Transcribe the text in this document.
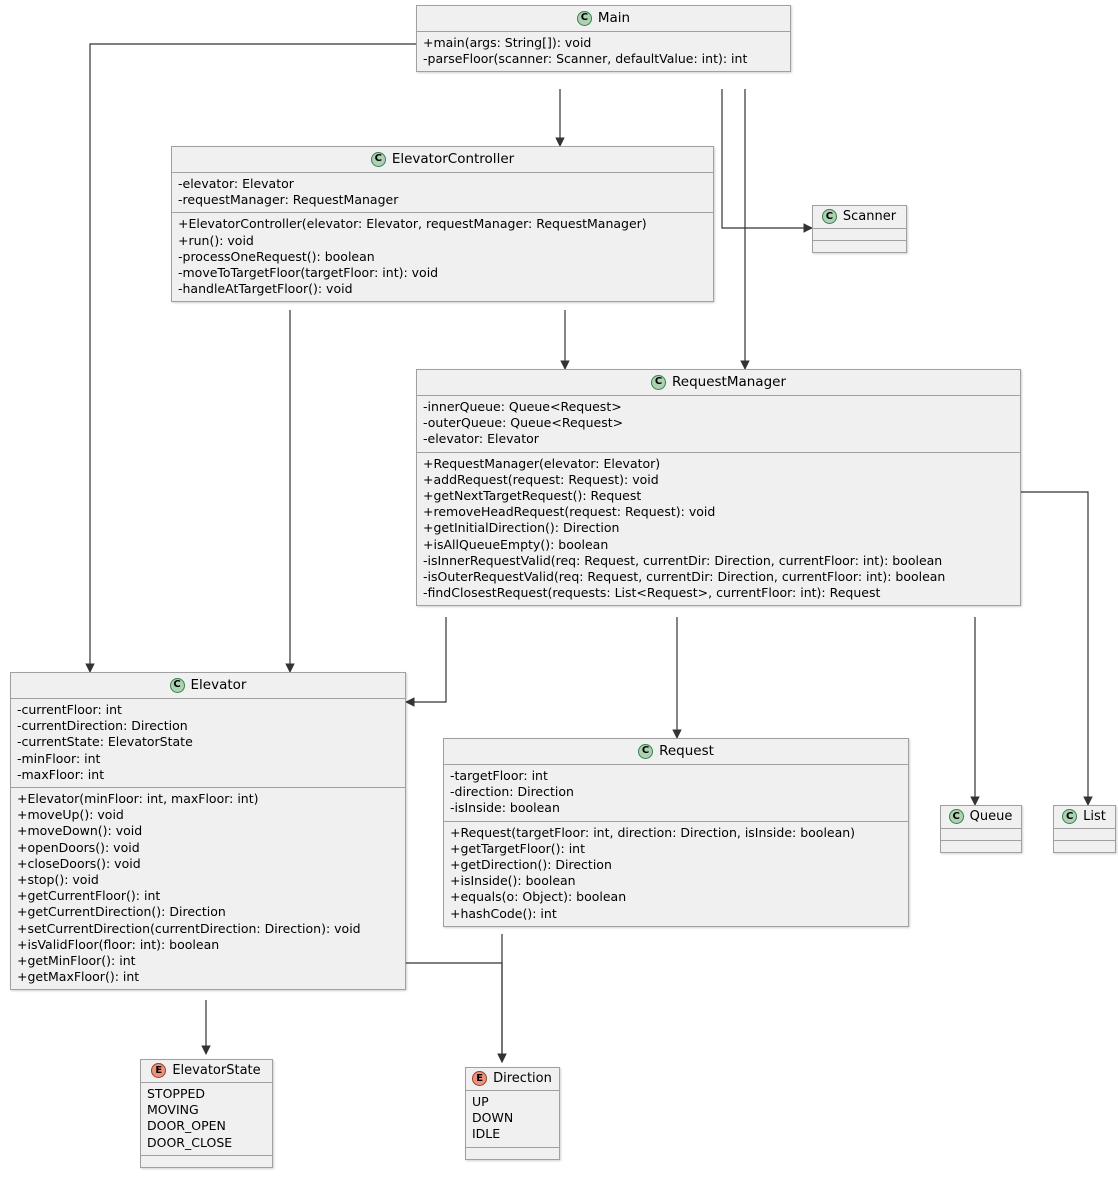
C Main
+main(args: String[]): void
-parseFloor(scanner: Scanner, defaultValue: int): int
C ElevatorController
-elevator: Elevator
-requestManager: RequestManager
+ElevatorController(elevator: Elevator, requestManager: RequestManager)
+run(): void
-processOneRequest(): boolean
-moveToTargetFloor(targetFloor: int): void
-handleAtTargetFloor(): void
C Scanner
C RequestManager
-innerQueue: Queue<Request>
-outerQueue: Queue<Request>
-elevator: Elevator
+RequestManager(elevator: Elevator)
+addRequest(request: Request): void
+getNextTargetRequest(): Request
+removeHeadRequest(request: Request): void
+getInitialDirection(): Direction
+isAllQueueEmpty(): boolean
-isInnerRequestValid(req: Request, currentDir: Direction, currentFloor: int): boolean
-isOuterRequestValid(req: Request, currentDir: Direction, currentFloor: int): boolean
-findClosestRequest(requests: List<Request>, currentFloor: int): Request
C Elevator
-currentFloor: int
-currentDirection: Direction
-currentState: ElevatorState
-minFloor: int
-maxFloor: int
+Elevator(minFloor: int, maxFloor: int)
+moveUp(): void
+moveDown(): void
+openDoors(): void
+closeDoors(): void
+stop(): void
+getCurrentFloor(): int
+getCurrentDirection(): Direction
+setCurrentDirection(currentDirection: Direction): void
+isValidFloor(floor: int): boolean
+getMinFloor(): int
+getMaxFloor(): int
C Request
-targetFloor: int
-direction: Direction
-isInside: boolean
+Request(targetFloor: int, direction: Direction, isInside: boolean)
+getTargetFloor(): int
+getDirection(): Direction
+isInside(): boolean
+equals(o: Object): boolean
+hashCode(): int
C Queue	C List
E ElevatorState
STOPPED
MOVING
DOOR_OPEN
DOOR_CLOSE
E Direction
UP
DOWN
IDLE
